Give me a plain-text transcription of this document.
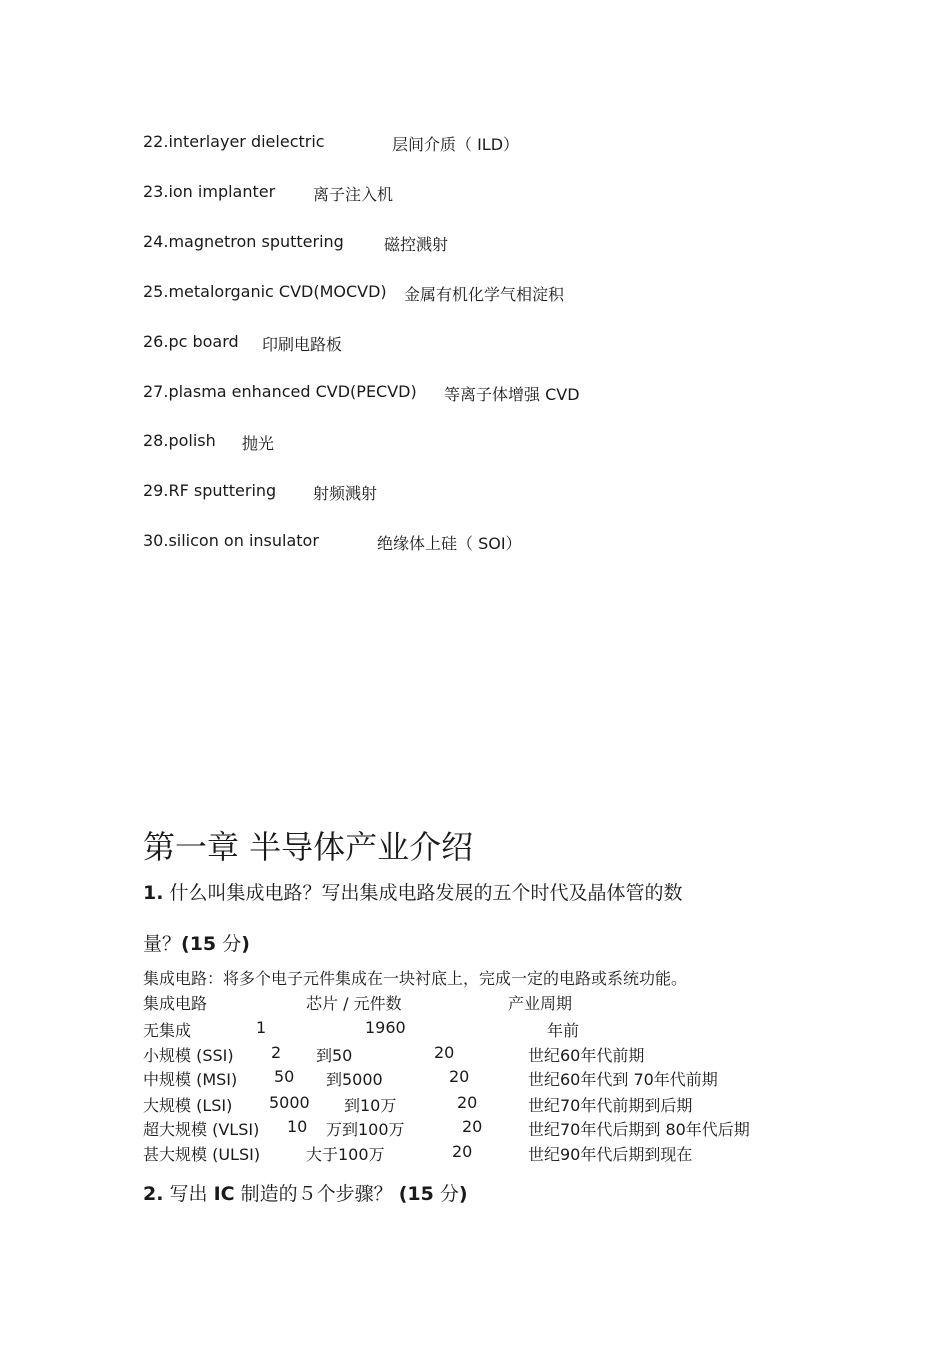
22.interlayer dielectric	层间介质（ ILD）
23.ion implanter 离子注入机
24.magnetron sputtering	磁控溅射
25.metalorganic CVD(MOCVD) 金属有机化学气相淀积
26.pc board 印刷电路板
27.plasma enhanced CVD(PECVD) 等离子体增强 CVD
28.polish 抛光
29.RF sputtering 射频溅射
30.silicon on insulator	绝缘体上硅（ SOI）
第一章 半导体产业介绍
1. 什么叫集成电路？写出集成电路发展的五个时代及晶体管的数
量？(15 分)
集成电路：将多个电子元件集成在一块衬底上，完成一定的电路或系统功能。
集成电路	芯片 / 元件数	产业周期
无集成	1	1960	年前
小规模 (SSI) 2 到50	20	世纪60年代前期
中规模 (MSI) 50 到5000	20	世纪60年代到 70年代前期
大规模 (LSI) 5000 到10万	20	世纪70年代前期到后期
超大规模 (VLSI) 10 万到100万	20	世纪70年代后期到 80年代后期
甚大规模 (ULSI)	大于100万	20	世纪90年代后期到现在
2. 写出 IC 制造的５个步骤？ (15 分)
